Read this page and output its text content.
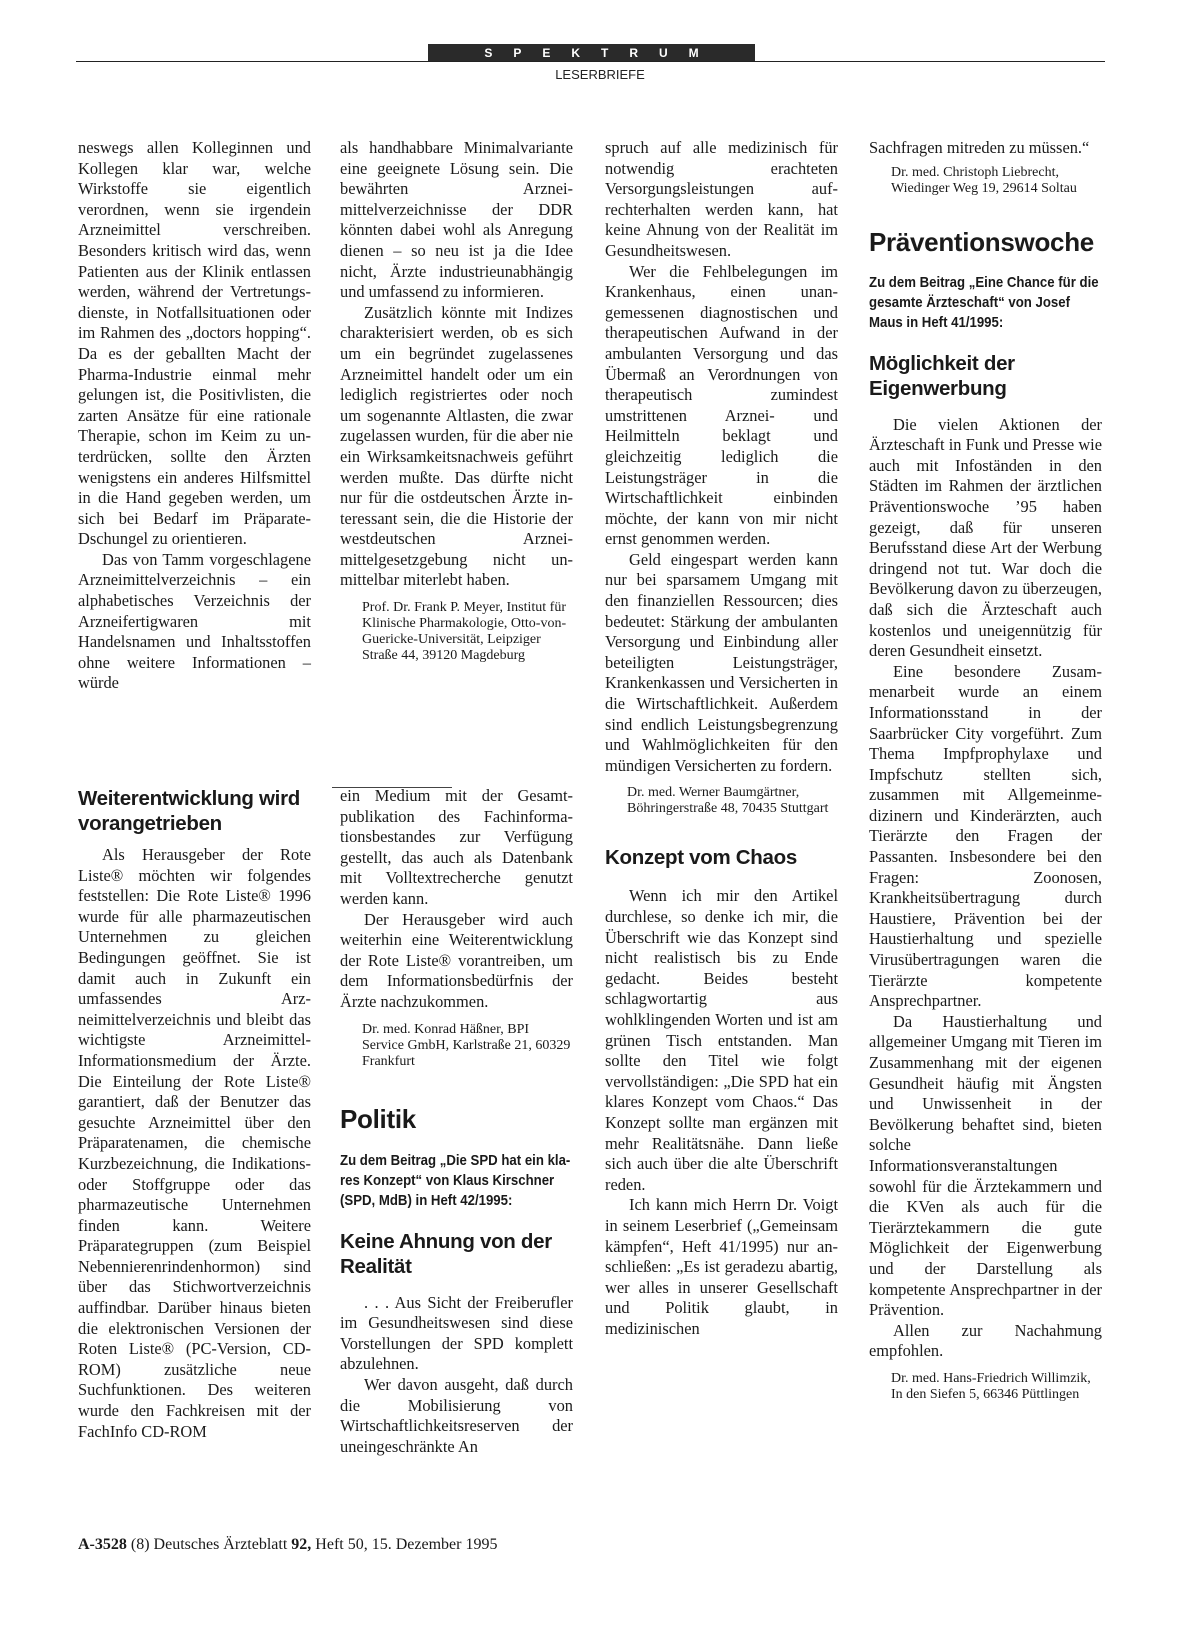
SPEKTRUM
LESERBRIEFE

neswegs allen Kolleginnen und Kollegen klar war, welche Wirkstoffe sie eigentlich verordnen, wenn sie irgendein Arzneimittel verschreiben. Besonders kritisch wird das, wenn Patienten aus der Klinik entlassen werden, während der Vertretungsdienste, in Notfallsituationen oder im Rahmen des „doctors hopping“. Da es der geballten Macht der Pharma-Industrie einmal mehr gelungen ist, die Positivlisten, die zarten Ansätze für eine rationale Therapie, schon im Keim zu unterdrücken, sollte den Ärzten wenigstens ein anderes Hilfsmittel in die Hand gegeben werden, um sich bei Bedarf im Präparate-Dschungel zu orientieren.

Das von Tamm vorgeschlagene Arzneimittelverzeichnis – ein alphabetisches Verzeichnis der Arzneifertigwaren mit Handelsnamen und Inhaltsstoffen ohne weitere Informationen – würde

Weiterentwicklung wird vorangetrieben

Als Herausgeber der Rote Liste® möchten wir folgendes feststellen: Die Rote Liste® 1996 wurde für alle pharmazeutischen Unternehmen zu gleichen Bedingungen geöffnet. Sie ist damit auch in Zukunft ein umfassendes Arzneimittelverzeichnis und bleibt das wichtigste Arzneimittel-Informationsmedium der Ärzte. Die Einteilung der Rote Liste® garantiert, daß der Benutzer das gesuchte Arzneimittel über den Präparatenamen, die chemische Kurzbezeichnung, die Indikations- oder Stoffgruppe oder das pharmazeutische Unternehmen finden kann. Weitere Präparategruppen (zum Beispiel Nebennierenrindenhormon) sind über das Stichwortverzeichnis auffindbar. Darüber hinaus bieten die elektronischen Versionen der Roten Liste® (PC-Version, CD-ROM) zusätzliche neue Suchfunktionen. Des weiteren wurde den Fachkreisen mit der FachInfo CD-ROM

als handhabbare Minimalvariante eine geeignete Lösung sein. Die bewährten Arzneimittelverzeichnisse der DDR könnten dabei wohl als Anregung dienen – so neu ist ja die Idee nicht, Ärzte industrieunabhängig und umfassend zu informieren.

Zusätzlich könnte mit Indizes charakterisiert werden, ob es sich um ein begründet zugelassenes Arzneimittel handelt oder um ein lediglich registriertes oder noch um sogenannte Altlasten, die zwar zugelassen wurden, für die aber nie ein Wirksamkeitsnachweis geführt werden mußte. Das dürfte nicht nur für die ostdeutschen Ärzte interessant sein, die die Historie der westdeutschen Arzneimittelgesetzgebung nicht unmittelbar miterlebt haben.

Prof. Dr. Frank P. Meyer, Institut für Klinische Pharmakologie, Otto-von-Guericke-Universität, Leipziger Straße 44, 39120 Magdeburg

ein Medium mit der Gesamtpublikation des Fachinformationsbestandes zur Verfügung gestellt, das auch als Datenbank mit Volltextrecherche genutzt werden kann.

Der Herausgeber wird auch weiterhin eine Weiterentwicklung der Rote Liste® vorantreiben, um dem Informationsbedürfnis der Ärzte nachzukommen.

Dr. med. Konrad Häßner, BPI Service GmbH, Karlstraße 21, 60329 Frankfurt

Politik

Zu dem Beitrag „Die SPD hat ein klares Konzept“ von Klaus Kirschner (SPD, MdB) in Heft 42/1995:

Keine Ahnung von der Realität

. . . Aus Sicht der Freiberufler im Gesundheitswesen sind diese Vorstellungen der SPD komplett abzulehnen.

Wer davon ausgeht, daß durch die Mobilisierung von Wirtschaftlichkeitsreserven der uneingeschränkte An

spruch auf alle medizinisch für notwendig erachteten Versorgungsleistungen aufrechterhalten werden kann, hat keine Ahnung von der Realität im Gesundheitswesen.

Wer die Fehlbelegungen im Krankenhaus, einen unangemessenen diagnostischen und therapeutischen Aufwand in der ambulanten Versorgung und das Übermaß an Verordnungen von therapeutisch zumindest umstrittenen Arznei- und Heilmitteln beklagt und gleichzeitig lediglich die Leistungsträger in die Wirtschaftlichkeit einbinden möchte, der kann von mir nicht ernst genommen werden.

Geld eingespart werden kann nur bei sparsamem Umgang mit den finanziellen Ressourcen; dies bedeutet: Stärkung der ambulanten Versorgung und Einbindung aller beteiligten Leistungsträger, Krankenkassen und Versicherten in die Wirtschaftlichkeit. Außerdem sind endlich Leistungsbegrenzung und Wahlmöglichkeiten für den mündigen Versicherten zu fordern.

Dr. med. Werner Baumgärtner, Böhringerstraße 48, 70435 Stuttgart

Konzept vom Chaos

Wenn ich mir den Artikel durchlese, so denke ich mir, die Überschrift wie das Konzept sind nicht realistisch bis zu Ende gedacht. Beides besteht schlagwortartig aus wohlklingenden Worten und ist am grünen Tisch entstanden. Man sollte den Titel wie folgt vervollständigen: „Die SPD hat ein klares Konzept vom Chaos.“ Das Konzept sollte man ergänzen mit mehr Realitätsnähe. Dann ließe sich auch über die alte Überschrift reden.

Ich kann mich Herrn Dr. Voigt in seinem Leserbrief („Gemeinsam kämpfen“, Heft 41/1995) nur anschließen: „Es ist geradezu abartig, wer alles in unserer Gesellschaft und Politik glaubt, in medizinischen

Sachfragen mitreden zu müssen.“

Dr. med. Christoph Liebrecht, Wiedinger Weg 19, 29614 Soltau

Präventionswoche

Zu dem Beitrag „Eine Chance für die gesamte Ärzteschaft“ von Josef Maus in Heft 41/1995:

Möglichkeit der Eigenwerbung

Die vielen Aktionen der Ärzteschaft in Funk und Presse wie auch mit Infoständen in den Städten im Rahmen der ärztlichen Präventionswoche ’95 haben gezeigt, daß für unseren Berufsstand diese Art der Werbung dringend not tut. War doch die Bevölkerung davon zu überzeugen, daß sich die Ärzteschaft auch kostenlos und uneigennützig für deren Gesundheit einsetzt.

Eine besondere Zusammenarbeit wurde an einem Informationsstand in der Saarbrücker City vorgeführt. Zum Thema Impfprophylaxe und Impfschutz stellten sich, zusammen mit Allgemeinmedizinern und Kinderärzten, auch Tierärzte den Fragen der Passanten. Insbesondere bei den Fragen: Zoonosen, Krankheitsübertragung durch Haustiere, Prävention bei der Haustierhaltung und spezielle Virusübertragungen waren die Tierärzte kompetente Ansprechpartner.

Da Haustierhaltung und allgemeiner Umgang mit Tieren im Zusammenhang mit der eigenen Gesundheit häufig mit Ängsten und Unwissenheit in der Bevölkerung behaftet sind, bieten solche Informationsveranstaltungen sowohl für die Ärztekammern und die KVen als auch für die Tierärztekammern die gute Möglichkeit der Eigenwerbung und der Darstellung als kompetente Ansprechpartner in der Prävention.

Allen zur Nachahmung empfohlen.

Dr. med. Hans-Friedrich Willimzik, In den Siefen 5, 66346 Püttlingen

A-3528 (8) Deutsches Ärzteblatt 92, Heft 50, 15. Dezember 1995
